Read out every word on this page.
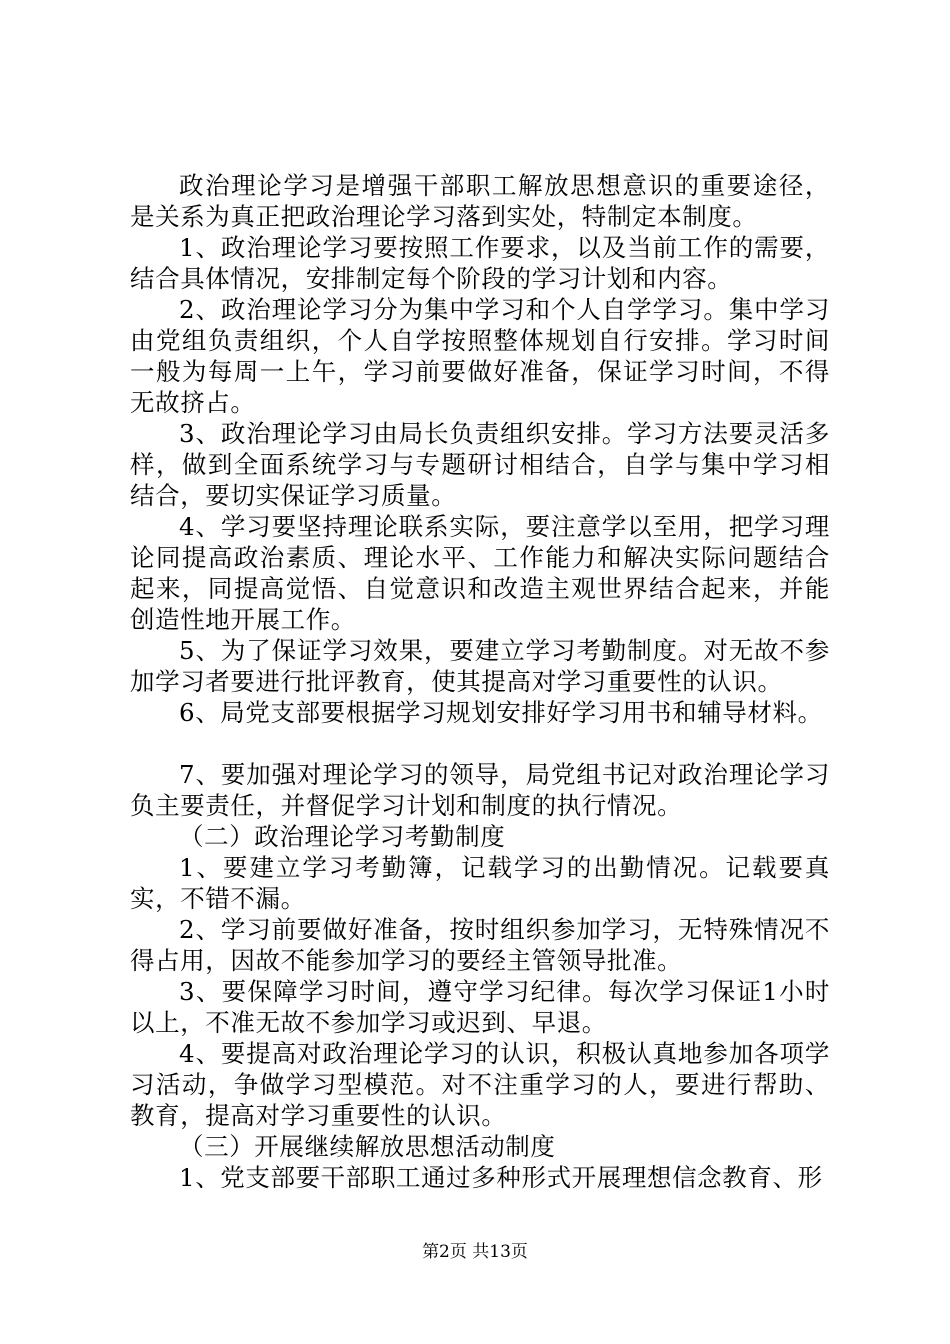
政治理论学习是增强干部职工解放思想意识的重要途径，是关系为真正把政治理论学习落到实处，特制定本制度。

1、政治理论学习要按照工作要求，以及当前工作的需要，结合具体情况，安排制定每个阶段的学习计划和内容。

2、政治理论学习分为集中学习和个人自学学习。集中学习由党组负责组织，个人自学按照整体规划自行安排。学习时间一般为每周一上午，学习前要做好准备，保证学习时间，不得无故挤占。

3、政治理论学习由局长负责组织安排。学习方法要灵活多样，做到全面系统学习与专题研讨相结合，自学与集中学习相结合，要切实保证学习质量。

4、学习要坚持理论联系实际，要注意学以至用，把学习理论同提高政治素质、理论水平、工作能力和解决实际问题结合起来，同提高觉悟、自觉意识和改造主观世界结合起来，并能创造性地开展工作。

5、为了保证学习效果，要建立学习考勤制度。对无故不参加学习者要进行批评教育，使其提高对学习重要性的认识。

6、局党支部要根据学习规划安排好学习用书和辅导材料。

7、要加强对理论学习的领导，局党组书记对政治理论学习负主要责任，并督促学习计划和制度的执行情况。

（二）政治理论学习考勤制度

1、要建立学习考勤簿，记载学习的出勤情况。记载要真实，不错不漏。

2、学习前要做好准备，按时组织参加学习，无特殊情况不得占用，因故不能参加学习的要经主管领导批准。

3、要保障学习时间，遵守学习纪律。每次学习保证1小时以上，不准无故不参加学习或迟到、早退。

4、要提高对政治理论学习的认识，积极认真地参加各项学习活动，争做学习型模范。对不注重学习的人，要进行帮助、教育，提高对学习重要性的认识。

（三）开展继续解放思想活动制度

1、党支部要干部职工通过多种形式开展理想信念教育、形

第2页 共13页
